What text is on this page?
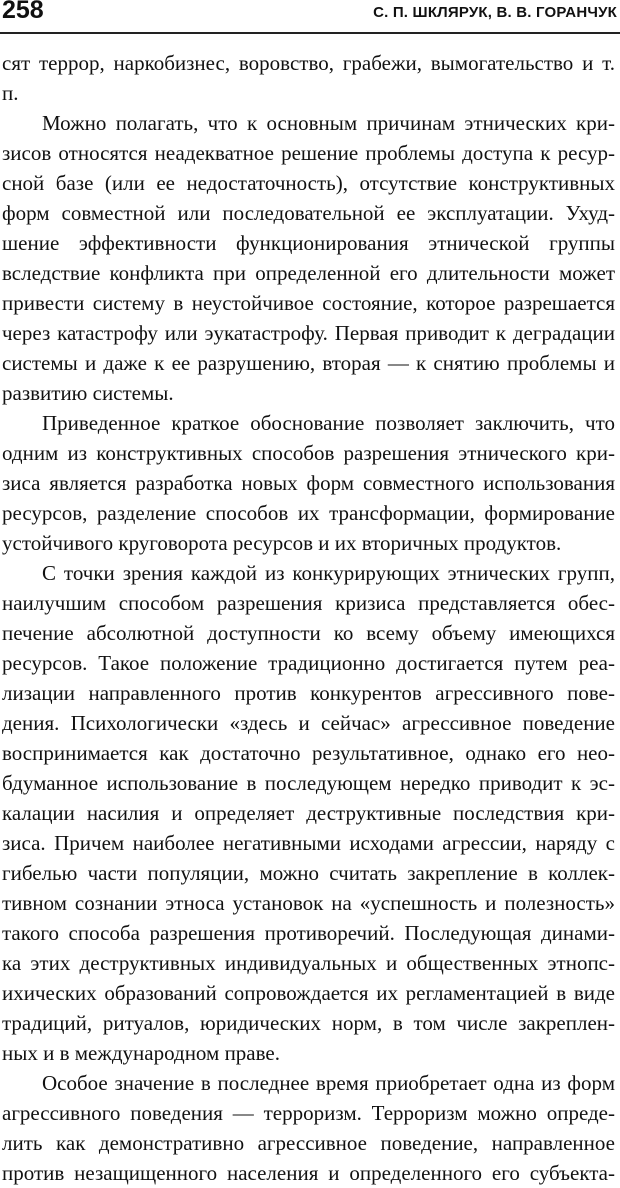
258	С. П. ШКЛЯРУК, В. В. ГОРАНЧУК
сят террор, наркобизнес, воровство, грабежи, вымогательство и т.
п.
Можно полагать, что к основным причинам этнических кри-
зисов относятся неадекватное решение проблемы доступа к ресур-
сной базе (или ее недостаточность), отсутствие конструктивных
форм совместной или последовательной ее эксплуатации. Ухуд-
шение эффективности функционирования этнической группы
вследствие конфликта при определенной его длительности может
привести систему в неустойчивое состояние, которое разрешается
через катастрофу или эукатастрофу. Первая приводит к деградации
системы и даже к ее разрушению, вторая — к снятию проблемы и
развитию системы.
Приведенное краткое обоснование позволяет заключить, что
одним из конструктивных способов разрешения этнического кри-
зиса является разработка новых форм совместного использования
ресурсов, разделение способов их трансформации, формирование
устойчивого круговорота ресурсов и их вторичных продуктов.
С точки зрения каждой из конкурирующих этнических групп,
наилучшим способом разрешения кризиса представляется обес-
печение абсолютной доступности ко всему объему имеющихся
ресурсов. Такое положение традиционно достигается путем реа-
лизации направленного против конкурентов агрессивного пове-
дения. Психологически «здесь и сейчас» агрессивное поведение
воспринимается как достаточно результативное, однако его нео-
бдуманное использование в последующем нередко приводит к эс-
калации насилия и определяет деструктивные последствия кри-
зиса. Причем наиболее негативными исходами агрессии, наряду с
гибелью части популяции, можно считать закрепление в коллек-
тивном сознании этноса установок на «успешность и полезность»
такого способа разрешения противоречий. Последующая динами-
ка этих деструктивных индивидуальных и общественных этнопс-
ихических образований сопровождается их регламентацией в виде
традиций, ритуалов, юридических норм, в том числе закреплен-
ных и в международном праве.
Особое значение в последнее время приобретает одна из форм
агрессивного поведения — терроризм. Терроризм можно опреде-
лить как демонстративно агрессивное поведение, направленное
против незащищенного населения и определенного его субъекта-
